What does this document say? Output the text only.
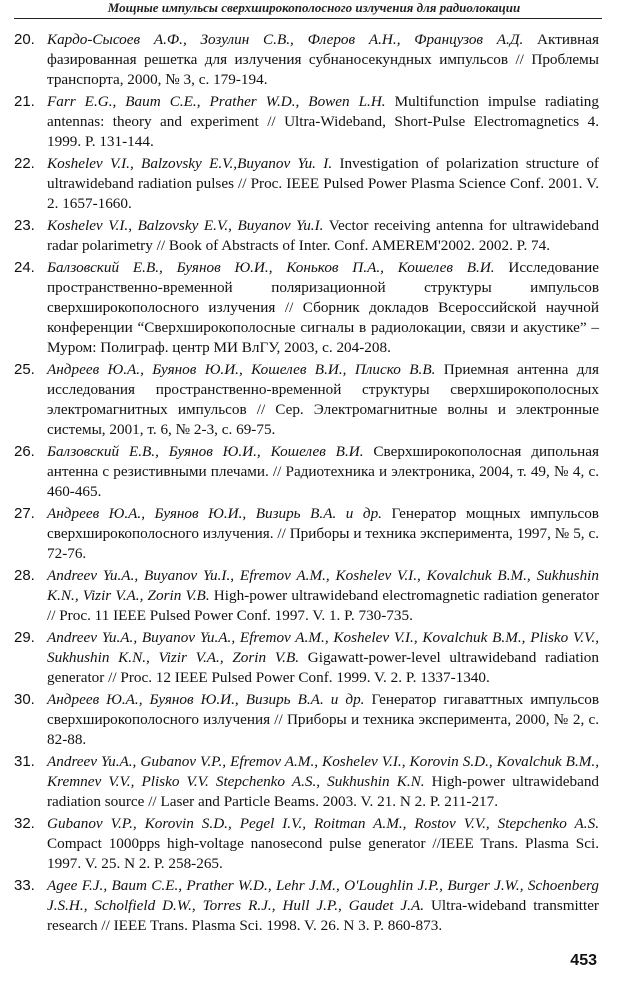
Мощные импульсы сверхширокополосного излучения для радиолокации
20. Кардо-Сысоев А.Ф., Зозулин С.В., Флеров А.Н., Французов А.Д. Активная фазированная решетка для излучения субнаносекундных импульсов // Проблемы транспорта, 2000, № 3, с. 179-194.
21. Farr E.G., Baum C.E., Prather W.D., Bowen L.H. Multifunction impulse radiating antennas: theory and experiment // Ultra-Wideband, Short-Pulse Electromagnetics 4. 1999. P. 131-144.
22. Koshelev V.I., Balzovsky E.V.,Buyanov Yu. I. Investigation of polarization structure of ultrawideband radiation pulses // Proc. IEEE Pulsed Power Plasma Science Conf. 2001. V. 2. 1657-1660.
23. Koshelev V.I., Balzovsky E.V., Buyanov Yu.I. Vector receiving antenna for ultrawideband radar polarimetry // Book of Abstracts of Inter. Conf. AMEREM'2002. 2002. P. 74.
24. Балзовский Е.В., Буянов Ю.И., Коньков П.А., Кошелев В.И. Исследование пространственно-временной поляризационной структуры импульсов сверхширокополосного излучения // Сборник докладов Всероссийской научной конференции “Сверхширокополосные сигналы в радиолокации, связи и акустике” – Муром: Полиграф. центр МИ ВлГУ, 2003, с. 204-208.
25. Андреев Ю.А., Буянов Ю.И., Кошелев В.И., Плиско В.В. Приемная антенна для исследования пространственно-временной структуры сверхширокополосных электромагнитных импульсов // Сер. Электромагнитные волны и электронные системы, 2001, т. 6, № 2-3, с. 69-75.
26. Балзовский Е.В., Буянов Ю.И., Кошелев В.И. Сверхширокополосная дипольная антенна с резистивными плечами. // Радиотехника и электроника, 2004, т. 49, № 4, с. 460-465.
27. Андреев Ю.А., Буянов Ю.И., Визирь В.А. и др. Генератор мощных импульсов сверхширокополосного излучения. // Приборы и техника эксперимента, 1997, № 5, с. 72-76.
28. Andreev Yu.A., Buyanov Yu.I., Efremov A.M., Koshelev V.I., Kovalchuk B.M., Sukhushin K.N., Vizir V.A., Zorin V.B. High-power ultrawideband electromagnetic radiation generator // Proc. 11 IEEE Pulsed Power Conf. 1997. V. 1. P. 730-735.
29. Andreev Yu.A., Buyanov Yu.A., Efremov A.M., Koshelev V.I., Kovalchuk B.M., Plisko V.V., Sukhushin K.N., Vizir V.A., Zorin V.B. Gigawatt-power-level ultrawideband radiation generator // Proc. 12 IEEE Pulsed Power Conf. 1999. V. 2. P. 1337-1340.
30. Андреев Ю.А., Буянов Ю.И., Визирь В.А. и др. Генератор гигаваттных импульсов сверхширокополосного излучения // Приборы и техника эксперимента, 2000, № 2, с. 82-88.
31. Andreev Yu.A., Gubanov V.P., Efremov A.M., Koshelev V.I., Korovin S.D., Kovalchuk B.M., Kremnev V.V., Plisko V.V. Stepchenko A.S., Sukhushin K.N. High-power ultrawideband radiation source // Laser and Particle Beams. 2003. V. 21. N 2. P. 211-217.
32. Gubanov V.P., Korovin S.D., Pegel I.V., Roitman A.M., Rostov V.V., Stepchenko A.S. Compact 1000pps high-voltage nanosecond pulse generator //IEEE Trans. Plasma Sci. 1997. V. 25. N 2. P. 258-265.
33. Agee F.J., Baum C.E., Prather W.D., Lehr J.M., O'Loughlin J.P., Burger J.W., Schoenberg J.S.H., Scholfield D.W., Torres R.J., Hull J.P., Gaudet J.A. Ultra-wideband transmitter research // IEEE Trans. Plasma Sci. 1998. V. 26. N 3. P. 860-873.
453
